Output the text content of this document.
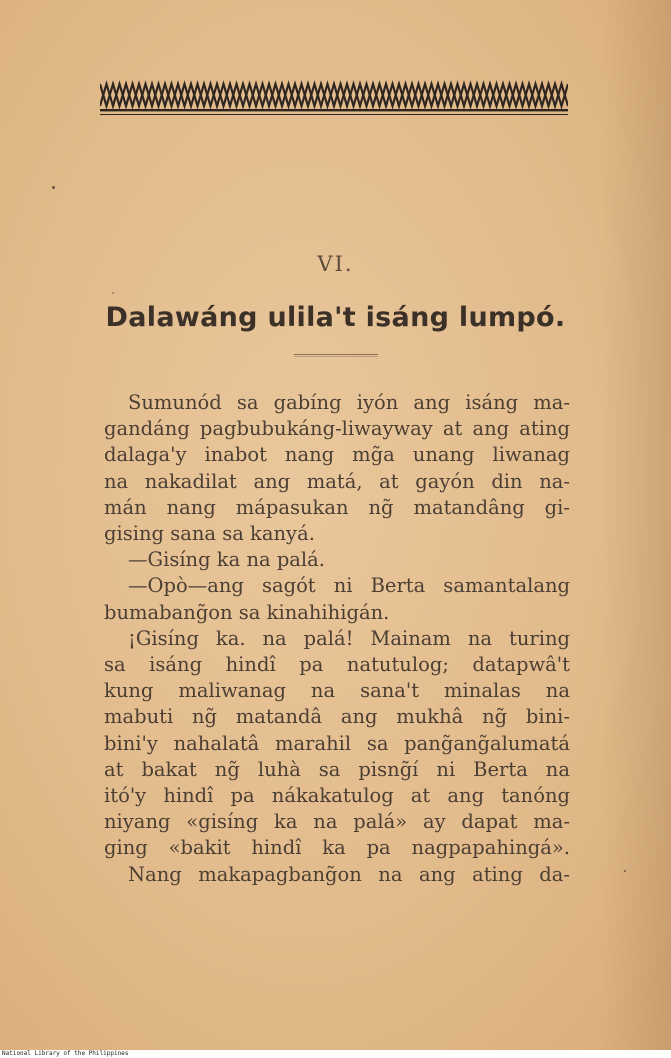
VI.
Dalawáng ulila't isáng lumpó.
Sumunód sa gabíng iyón ang isáng ma-
gandáng pagbubukáng-liwayway at ang ating
dalaga'y inabot nang mg̃a unang liwanag
na nakadilat ang matá, at gayón din na-
mán nang mápasukan ng̃ matandâng gi-
gising sana sa kanyá.
—Gisíng ka na palá.
—Opò—ang sagót ni Berta samantalang
bumabang̃on sa kinahihigán.
¡Gisíng ka. na palá! Mainam na turing
sa isáng hindî pa natutulog; datapwâ't
kung maliwanag na sana't minalas na
mabuti ng̃ matandâ ang mukhâ ng̃ bini-
bini'y nahalatâ marahil sa pang̃ang̃alumatá
at bakat ng̃ luhà sa pisng̃í ni Berta na
itó'y hindî pa nákakatulog at ang tanóng
niyang «gisíng ka na palá» ay dapat ma-
ging «bakit hindî ka pa nagpapahingá».
Nang makapagbang̃on na ang ating da-
National Library of the Philippines
